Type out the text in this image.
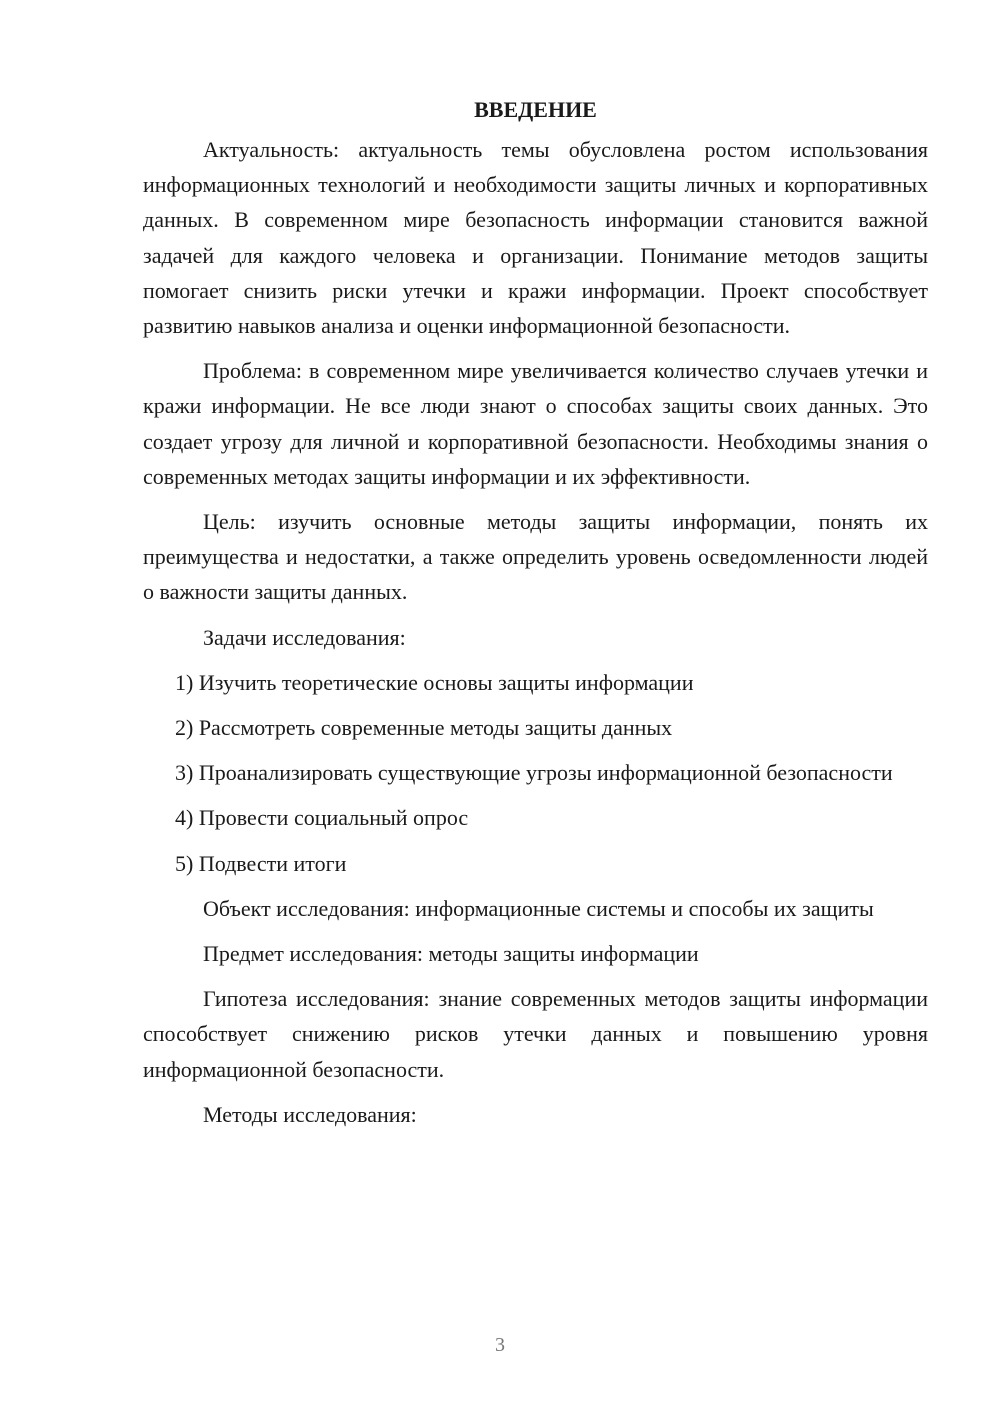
ВВЕДЕНИЕ

Актуальность: актуальность темы обусловлена ростом использования информационных технологий и необходимости защиты личных и корпоративных данных. В современном мире безопасность информации становится важной задачей для каждого человека и организации. Понимание методов защиты помогает снизить риски утечки и кражи информации. Проект способствует развитию навыков анализа и оценки информационной безопасности.

Проблема: в современном мире увеличивается количество случаев утечки и кражи информации. Не все люди знают о способах защиты своих данных. Это создает угрозу для личной и корпоративной безопасности. Необходимы знания о современных методах защиты информации и их эффективности.

Цель: изучить основные методы защиты информации, понять их преимущества и недостатки, а также определить уровень осведомленности людей о важности защиты данных.

Задачи исследования:

1) Изучить теоретические основы защиты информации

2) Рассмотреть современные методы защиты данных

3) Проанализировать существующие угрозы информационной безопасности

4) Провести социальный опрос

5) Подвести итоги

Объект исследования: информационные системы и способы их защиты

Предмет исследования: методы защиты информации

Гипотеза исследования: знание современных методов защиты информации способствует снижению рисков утечки данных и повышению уровня информационной безопасности.

Методы исследования:

3
